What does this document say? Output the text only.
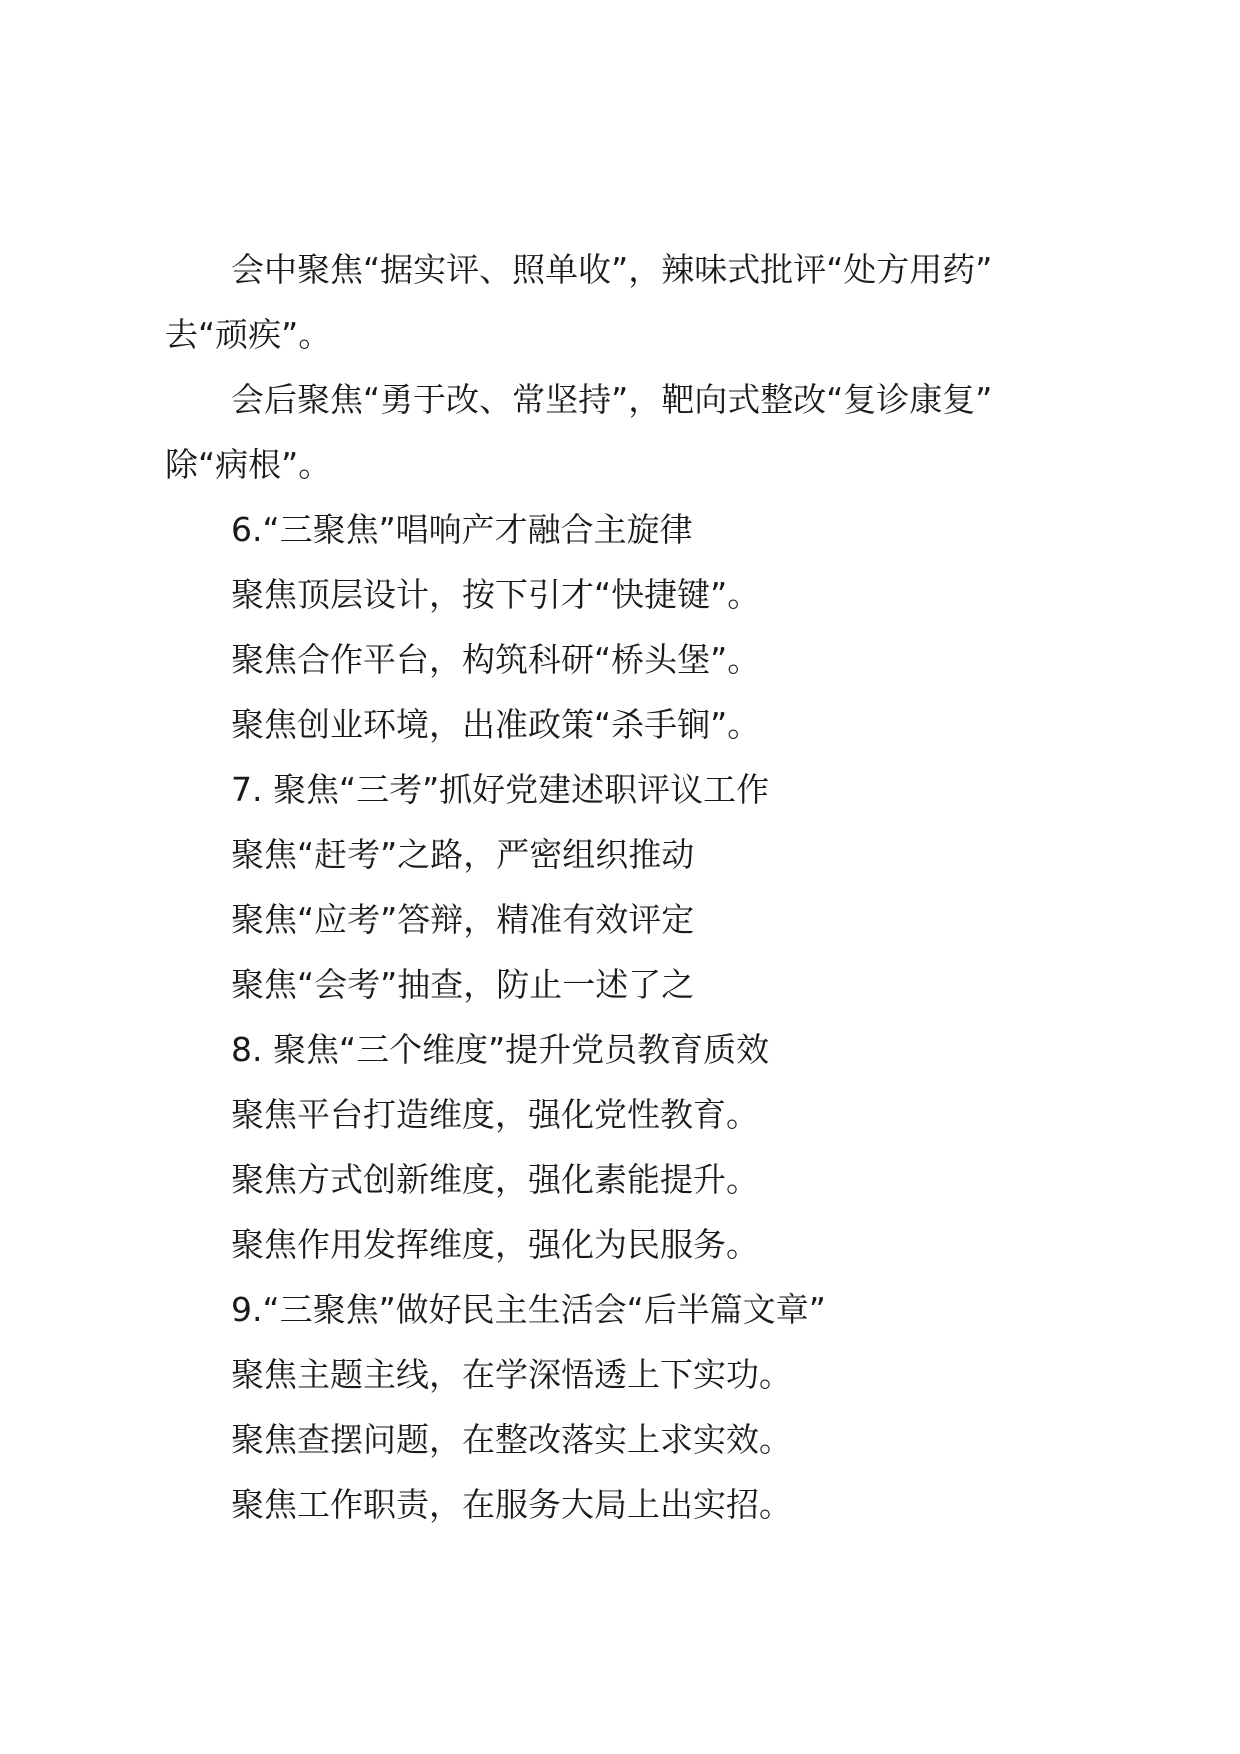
会中聚焦“据实评、照单收”，辣味式批评“处方用药”

去“顽疾”。

会后聚焦“勇于改、常坚持”，靶向式整改“复诊康复”

除“病根”。

6.“三聚焦”唱响产才融合主旋律

聚焦顶层设计，按下引才“快捷键”。

聚焦合作平台，构筑科研“桥头堡”。

聚焦创业环境，出准政策“杀手锏”。

7. 聚焦“三考”抓好党建述职评议工作

聚焦“赶考”之路，严密组织推动

聚焦“应考”答辩，精准有效评定

聚焦“会考”抽查，防止一述了之

8. 聚焦“三个维度”提升党员教育质效

聚焦平台打造维度，强化党性教育。

聚焦方式创新维度，强化素能提升。

聚焦作用发挥维度，强化为民服务。

9.“三聚焦”做好民主生活会“后半篇文章”

聚焦主题主线，在学深悟透上下实功。

聚焦查摆问题，在整改落实上求实效。

聚焦工作职责，在服务大局上出实招。
